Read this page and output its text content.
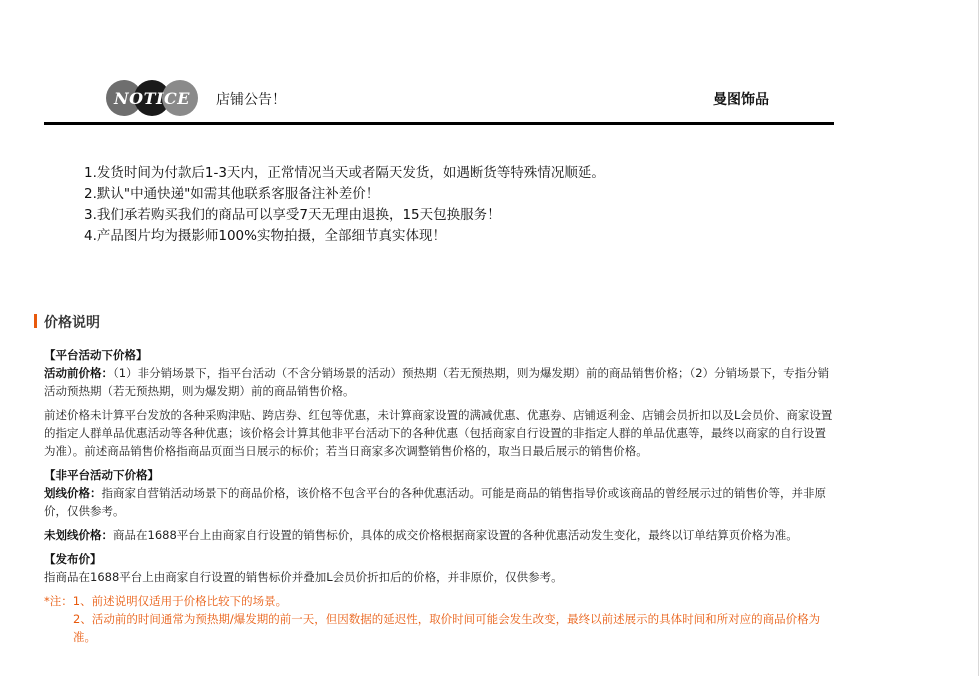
NOTICE 店铺公告！	曼图饰品
1.发货时间为付款后1-3天内，正常情况当天或者隔天发货，如遇断货等特殊情况顺延。
2.默认"中通快递"如需其他联系客服备注补差价！
3.我们承若购买我们的商品可以享受7天无理由退换，15天包换服务！
4.产品图片均为摄影师100%实物拍摄，全部细节真实体现！
价格说明

【平台活动下价格】

活动前价格：（1）非分销场景下，指平台活动（不含分销场景的活动）预热期（若无预热期，则为爆发期）前的商品销售价格；（2）分销场景下，专指分销活动预热期（若无预热期，则为爆发期）前的商品销售价格。

前述价格未计算平台发放的各种采购津贴、跨店券、红包等优惠，未计算商家设置的满减优惠、优惠券、店铺返利金、店铺会员折扣以及L会员价、商家设置的指定人群单品优惠活动等各种优惠；该价格会计算其他非平台活动下的各种优惠（包括商家自行设置的非指定人群的单品优惠等，最终以商家的自行设置为准）。前述商品销售价格指商品页面当日展示的标价；若当日商家多次调整销售价格的，取当日最后展示的销售价格。

【非平台活动下价格】

划线价格：指商家自营销活动场景下的商品价格，该价格不包含平台的各种优惠活动。可能是商品的销售指导价或该商品的曾经展示过的销售价等，并非原价，仅供参考。

未划线价格：商品在1688平台上由商家自行设置的销售标价，具体的成交价格根据商家设置的各种优惠活动发生变化，最终以订单结算页价格为准。

【发布价】

指商品在1688平台上由商家自行设置的销售标价并叠加L会员价折扣后的价格，并非原价，仅供参考。

*注：1、前述说明仅适用于价格比较下的场景。

2、活动前的时间通常为预热期/爆发期的前一天，但因数据的延迟性，取价时间可能会发生改变，最终以前述展示的具体时间和所对应的商品价格为准。
